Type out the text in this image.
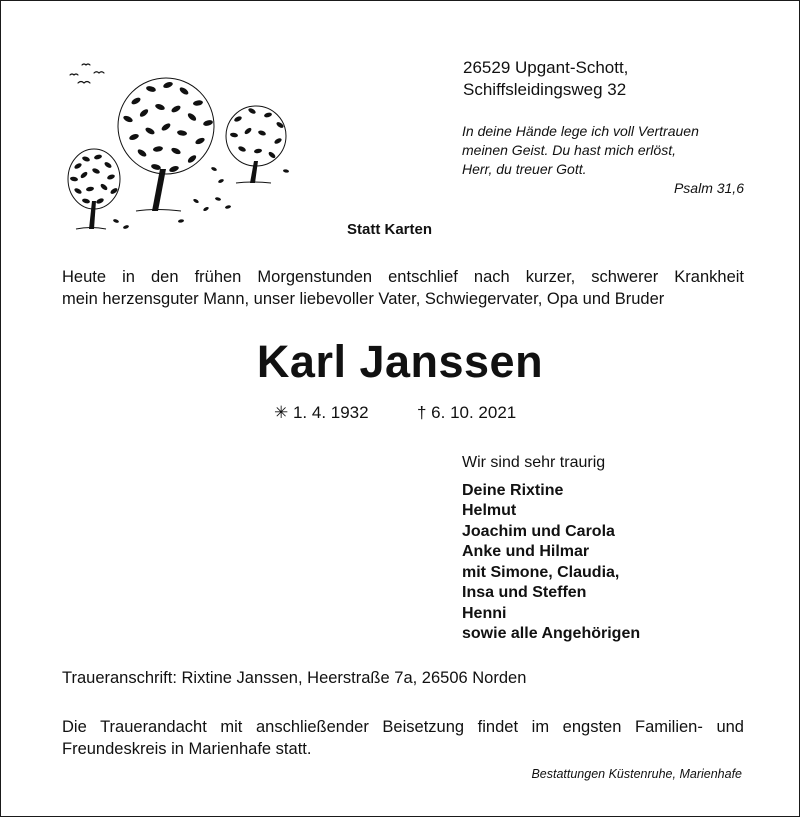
26529 Upgant-Schott,
Schiffsleidingsweg 32
In deine Hände lege ich voll Vertrauen
meinen Geist. Du hast mich erlöst,
Herr, du treuer Gott.
Psalm 31,6
Statt Karten
Heute in den frühen Morgenstunden entschlief nach kurzer, schwerer Krankheit
mein herzensguter Mann, unser liebevoller Vater, Schwiegervater, Opa und Bruder
Karl Janssen
✳ 1. 4. 1932	† 6. 10. 2021
Wir sind sehr traurig
Deine Rixtine
Helmut
Joachim und Carola
Anke und Hilmar
mit Simone, Claudia,
Insa und Steffen
Henni
sowie alle Angehörigen
Traueranschrift: Rixtine Janssen, Heerstraße 7a, 26506 Norden
Die Trauerandacht mit anschließender Beisetzung findet im engsten Familien- und
Freundeskreis in Marienhafe statt.
Bestattungen Küstenruhe, Marienhafe
